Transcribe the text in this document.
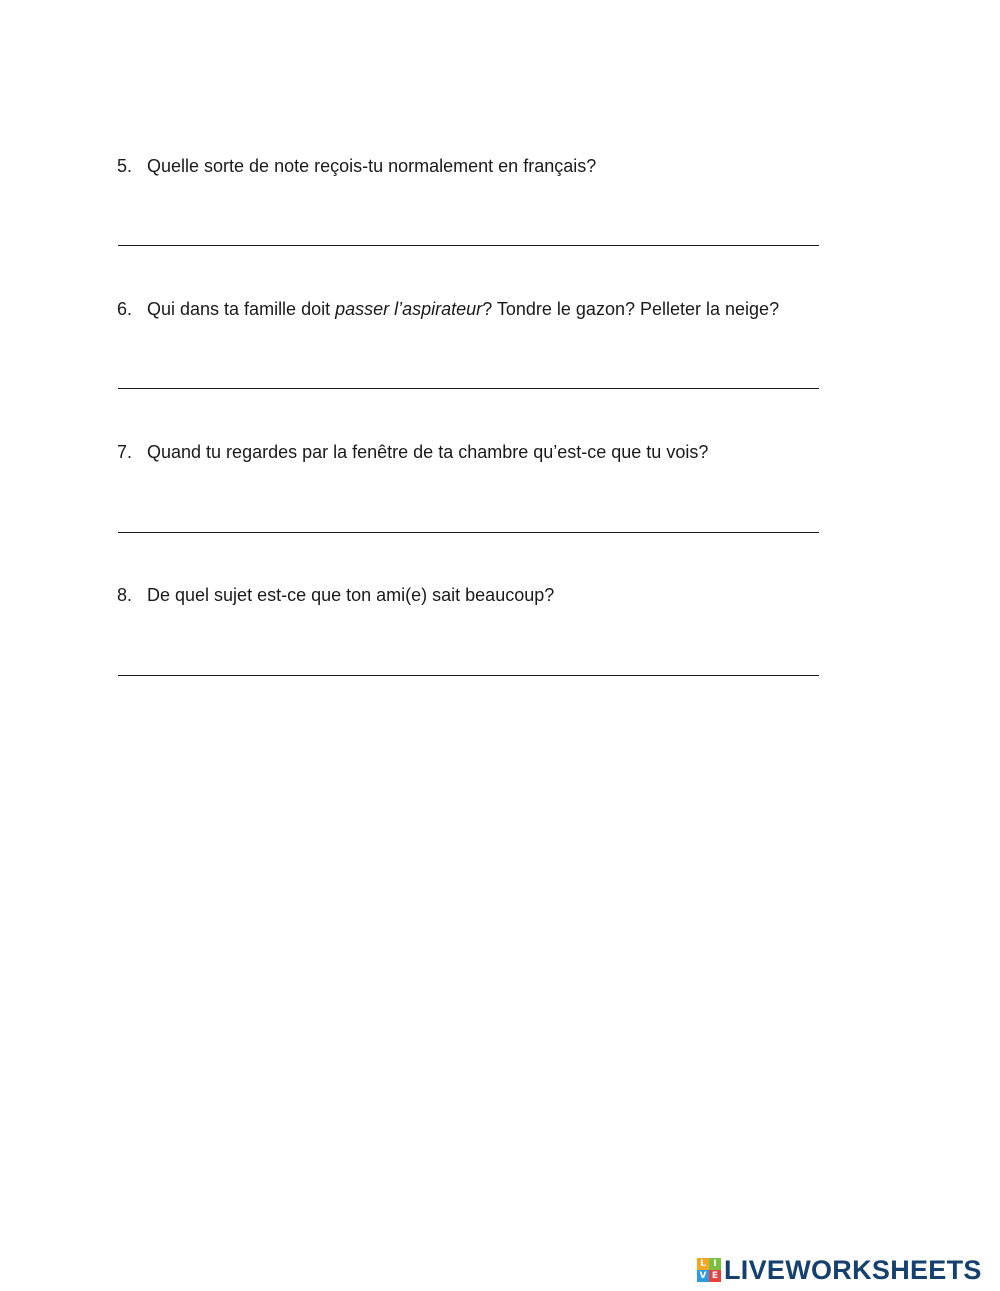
5. Quelle sorte de note reçois-tu normalement en français?
6. Qui dans ta famille doit passer l’aspirateur? Tondre le gazon? Pelleter la neige?
7. Quand tu regardes par la fenêtre de ta chambre qu’est-ce que tu vois?
8. De quel sujet est-ce que ton ami(e) sait beaucoup?
L I
V E LIVEWORKSHEETS
